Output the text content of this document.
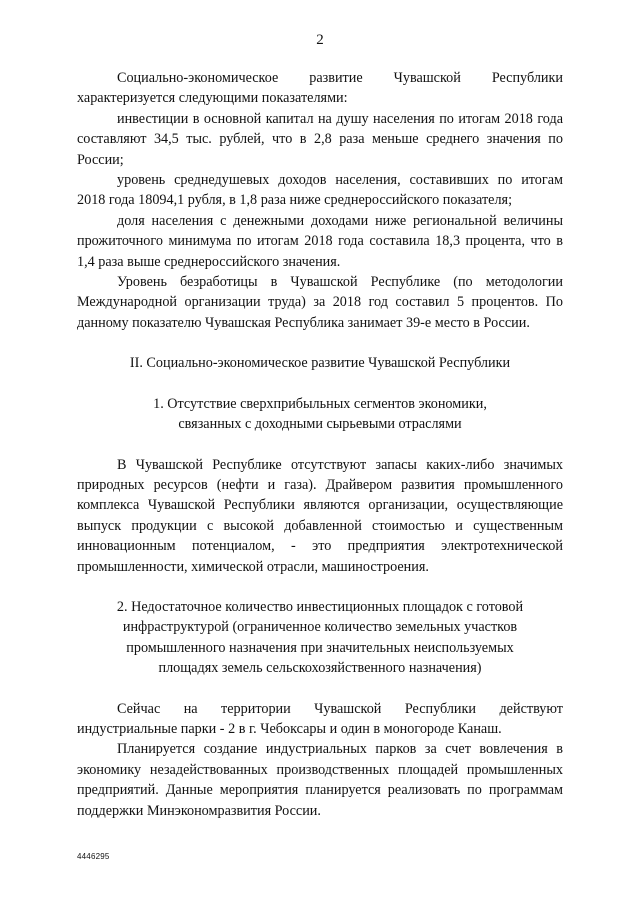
2

Социально-экономическое развитие Чувашской Республики характеризуется следующими показателями:

инвестиции в основной капитал на душу населения по итогам 2018 года составляют 34,5 тыс. рублей, что в 2,8 раза меньше среднего значения по России;

уровень среднедушевых доходов населения, составивших по итогам 2018 года 18094,1 рубля, в 1,8 раза ниже среднероссийского показателя;

доля населения с денежными доходами ниже региональной величины прожиточного минимума по итогам 2018 года составила 18,3 процента, что в 1,4 раза выше среднероссийского значения.

Уровень безработицы в Чувашской Республике (по методологии Международной организации труда) за 2018 год составил 5 процентов. По данному показателю Чувашская Республика занимает 39-е место в России.

II. Социально-экономическое развитие Чувашской Республики

1. Отсутствие сверхприбыльных сегментов экономики, связанных с доходными сырьевыми отраслями

В Чувашской Республике отсутствуют запасы каких-либо значимых природных ресурсов (нефти и газа). Драйвером развития промышленного комплекса Чувашской Республики являются организации, осуществляющие выпуск продукции с высокой добавленной стоимостью и существенным инновационным потенциалом, - это предприятия электротехнической промышленности, химической отрасли, машиностроения.

2. Недостаточное количество инвестиционных площадок с готовой инфраструктурой (ограниченное количество земельных участков промышленного назначения при значительных неиспользуемых площадях земель сельскохозяйственного назначения)

Сейчас на территории Чувашской Республики действуют индустриальные парки - 2 в г. Чебоксары и один в моногороде Канаш.

Планируется создание индустриальных парков за счет вовлечения в экономику незадействованных производственных площадей промышленных предприятий. Данные мероприятия планируется реализовать по программам поддержки Минэкономразвития России.

4446295
